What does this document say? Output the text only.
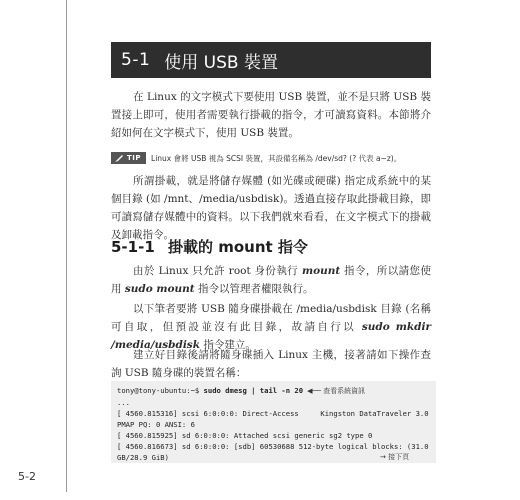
5-1 使用 USB 裝置

在 Linux 的文字模式下要使用 USB 裝置，並不是只將 USB 裝置接上即可，使用者需要執行掛載的指令，才可讀寫資料。本節將介紹如何在文字模式下，使用 USB 裝置。

TIP Linux 會將 USB 視為 SCSI 裝置，其設備名稱為 /dev/sd? (? 代表 a~z)。

所謂掛載，就是將儲存媒體 (如光碟或硬碟) 指定成系統中的某個目錄 (如 /mnt、/media/usbdisk)。透過直接存取此掛載目錄，即可讀寫儲存媒體中的資料。以下我們就來看看，在文字模式下的掛載及卸載指令。

5-1-1 掛載的 mount 指令

由於 Linux 只允許 root 身份執行 mount 指令，所以請您使用 sudo mount 指令以管理者權限執行。

以下筆者要將 USB 隨身碟掛載在 /media/usbdisk 目錄 (名稱可自取，但預設並沒有此目錄，故請自行以 sudo mkdir /media/usbdisk 指令建立。

建立好目錄後請將隨身碟插入 Linux 主機，接著請如下操作查詢 USB 隨身碟的裝置名稱：

tony@tony-ubuntu:~$ sudo dmesg | tail -n 20 ◀── 查看系統資訊
...
[ 4560.815316] scsi 6:0:0:0: Direct-Access     Kingston DataTraveler 3.0
PMAP PQ: 0 ANSI: 6
[ 4560.815925] sd 6:0:0:0: Attached scsi generic sg2 type 0
[ 4560.816673] sd 6:0:0:0: [sdb] 60530688 512-byte logical blocks: (31.0
GB/28.9 GiB)	→ 接下頁
5-2
